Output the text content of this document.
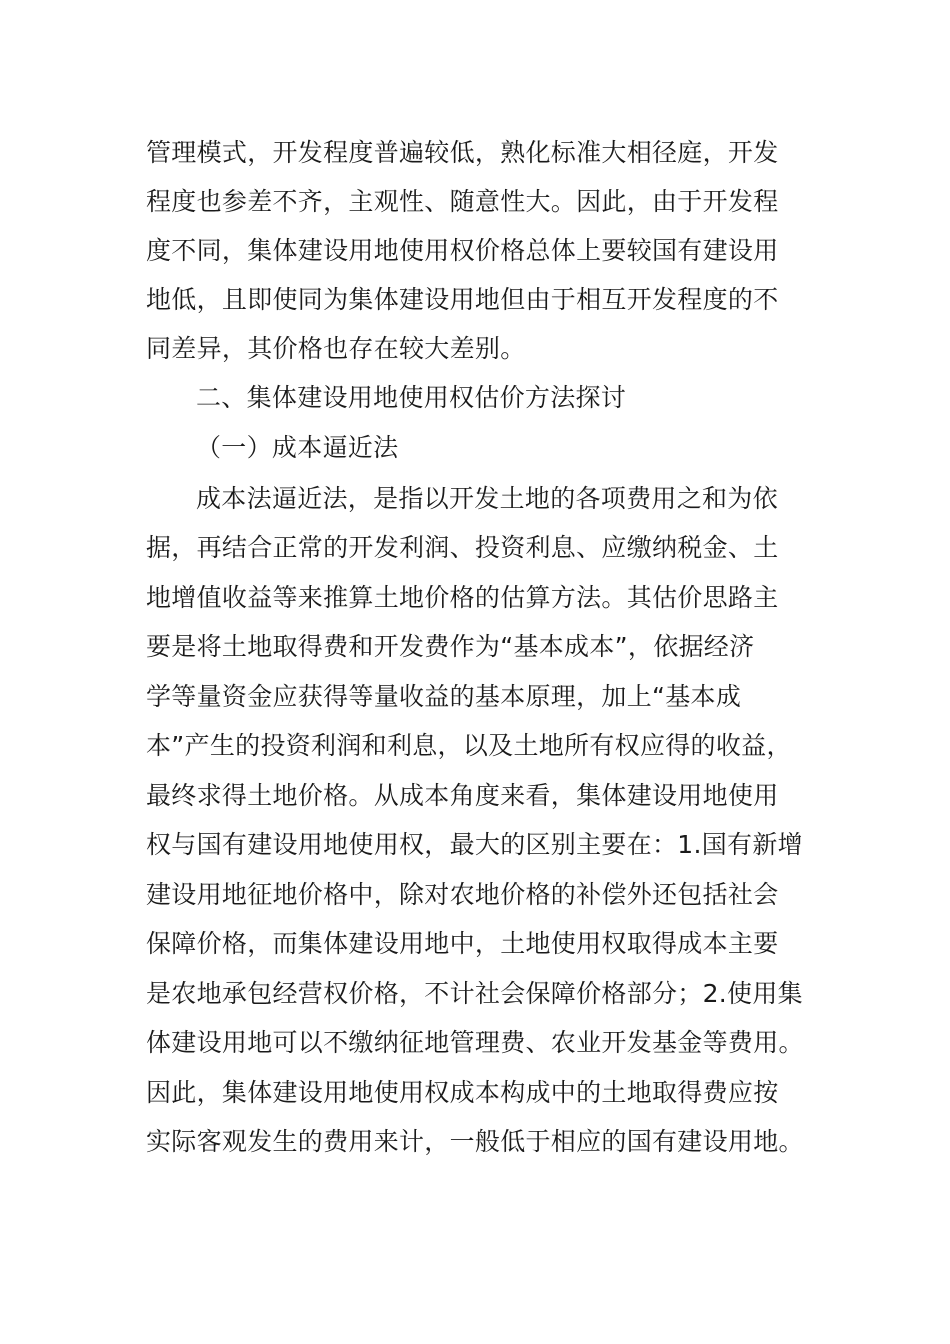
管理模式，开发程度普遍较低，熟化标准大相径庭，开发
程度也参差不齐，主观性、随意性大。因此，由于开发程
度不同，集体建设用地使用权价格总体上要较国有建设用
地低，且即使同为集体建设用地但由于相互开发程度的不
同差异，其价格也存在较大差别。
二、集体建设用地使用权估价方法探讨
（一）成本逼近法
成本法逼近法，是指以开发土地的各项费用之和为依
据，再结合正常的开发利润、投资利息、应缴纳税金、土
地增值收益等来推算土地价格的估算方法。其估价思路主
要是将土地取得费和开发费作为“基本成本”，依据经济
学等量资金应获得等量收益的基本原理，加上“基本成
本”产生的投资利润和利息，以及土地所有权应得的收益，
最终求得土地价格。从成本角度来看，集体建设用地使用
权与国有建设用地使用权，最大的区别主要在：1.国有新增
建设用地征地价格中，除对农地价格的补偿外还包括社会
保障价格，而集体建设用地中，土地使用权取得成本主要
是农地承包经营权价格，不计社会保障价格部分；2.使用集
体建设用地可以不缴纳征地管理费、农业开发基金等费用。
因此，集体建设用地使用权成本构成中的土地取得费应按
实际客观发生的费用来计，一般低于相应的国有建设用地。
